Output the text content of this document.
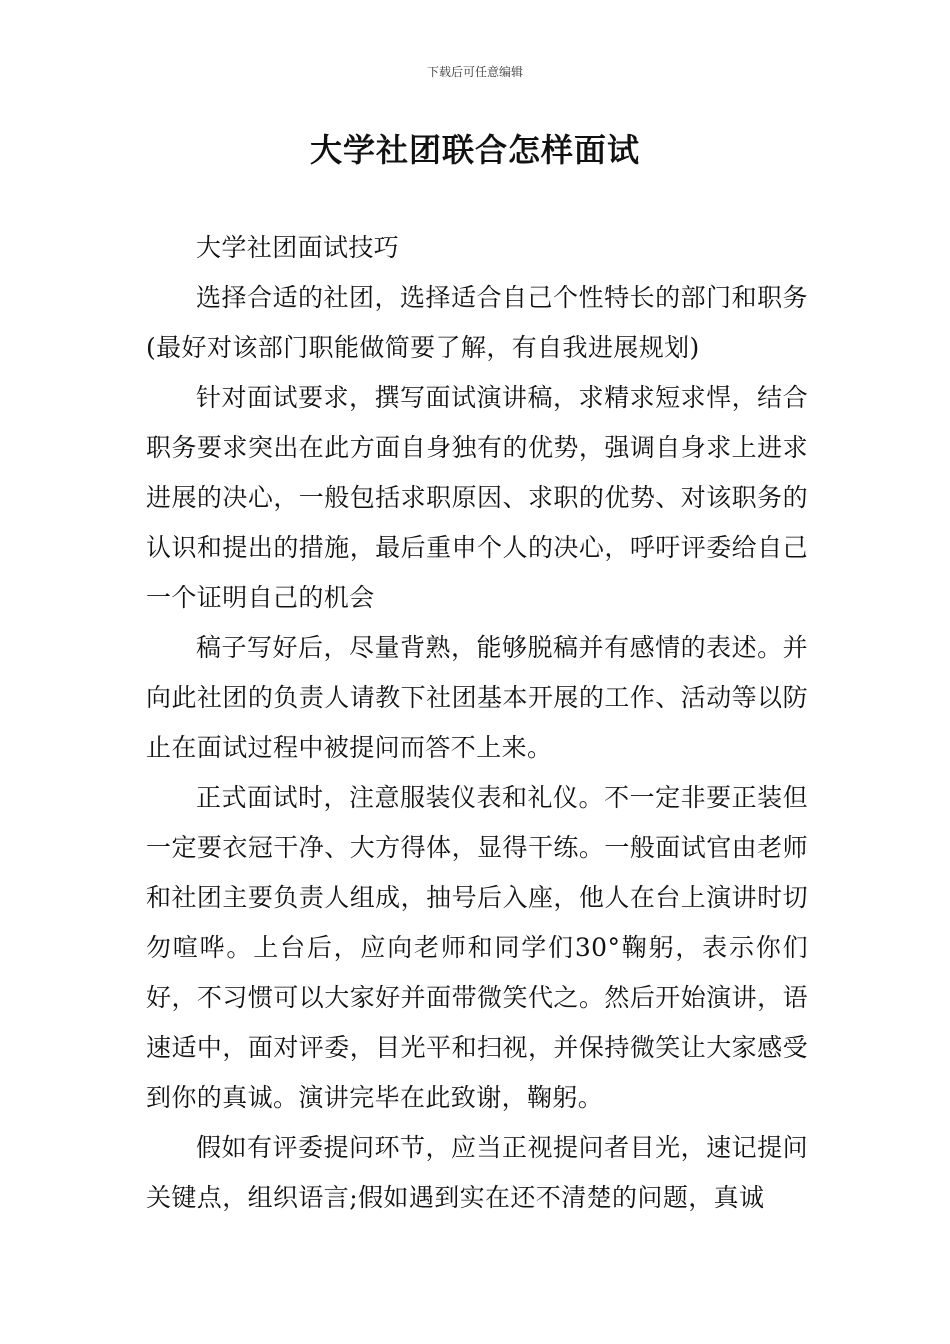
下载后可任意编辑
大学社团联合怎样面试

大学社团面试技巧

选择合适的社团，选择适合自己个性特长的部门和职务(最好对该部门职能做简要了解，有自我进展规划)

针对面试要求，撰写面试演讲稿，求精求短求悍，结合职务要求突出在此方面自身独有的优势，强调自身求上进求进展的决心，一般包括求职原因、求职的优势、对该职务的认识和提出的措施，最后重申个人的决心，呼吁评委给自己一个证明自己的机会

稿子写好后，尽量背熟，能够脱稿并有感情的表述。并向此社团的负责人请教下社团基本开展的工作、活动等以防止在面试过程中被提问而答不上来。

正式面试时，注意服装仪表和礼仪。不一定非要正装但一定要衣冠干净、大方得体，显得干练。一般面试官由老师和社团主要负责人组成，抽号后入座，他人在台上演讲时切勿喧哗。上台后，应向老师和同学们30°鞠躬，表示你们好，不习惯可以大家好并面带微笑代之。然后开始演讲，语速适中，面对评委，目光平和扫视，并保持微笑让大家感受到你的真诚。演讲完毕在此致谢，鞠躬。

假如有评委提问环节，应当正视提问者目光，速记提问关键点，组织语言;假如遇到实在还不清楚的问题，真诚
